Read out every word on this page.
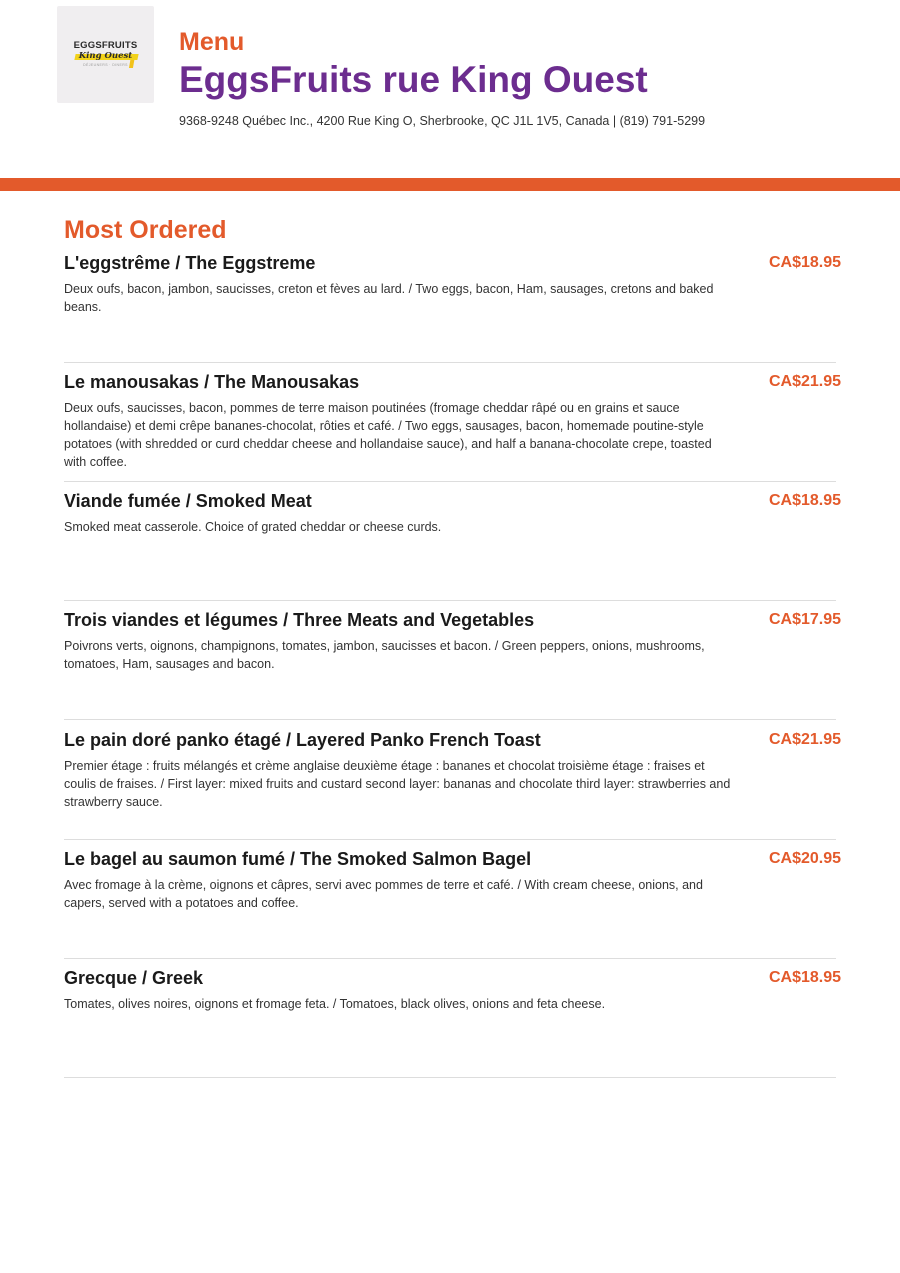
EGGSFRUITS
King Ouest
DÉJEUNERS · DINERS
Menu
EggsFruits rue King Ouest
9368-9248 Québec Inc., 4200 Rue King O, Sherbrooke, QC J1L 1V5, Canada | (819) 791-5299
Most Ordered
L'eggstrême / The Eggstreme	CA$18.95
Deux oufs, bacon, jambon, saucisses, creton et fèves au lard. / Two eggs, bacon, Ham, sausages, cretons and baked beans.
Le manousakas / The Manousakas	CA$21.95
Deux oufs, saucisses, bacon, pommes de terre maison poutinées (fromage cheddar râpé ou en grains et sauce hollandaise) et demi crêpe bananes-chocolat, rôties et café. / Two eggs, sausages, bacon, homemade poutine-style potatoes (with shredded or curd cheddar cheese and hollandaise sauce), and half a banana-chocolate crepe, toasted with coffee.
Viande fumée / Smoked Meat	CA$18.95
Smoked meat casserole. Choice of grated cheddar or cheese curds.
Trois viandes et légumes / Three Meats and Vegetables	CA$17.95
Poivrons verts, oignons, champignons, tomates, jambon, saucisses et bacon. / Green peppers, onions, mushrooms, tomatoes, Ham, sausages and bacon.
Le pain doré panko étagé / Layered Panko French Toast	CA$21.95
Premier étage : fruits mélangés et crème anglaise deuxième étage : bananes et chocolat troisième étage : fraises et coulis de fraises. / First layer: mixed fruits and custard second layer: bananas and chocolate third layer: strawberries and strawberry sauce.
Le bagel au saumon fumé / The Smoked Salmon Bagel	CA$20.95
Avec fromage à la crème, oignons et câpres, servi avec pommes de terre et café. / With cream cheese, onions, and capers, served with a potatoes and coffee.
Grecque / Greek	CA$18.95
Tomates, olives noires, oignons et fromage feta. / Tomatoes, black olives, onions and feta cheese.
